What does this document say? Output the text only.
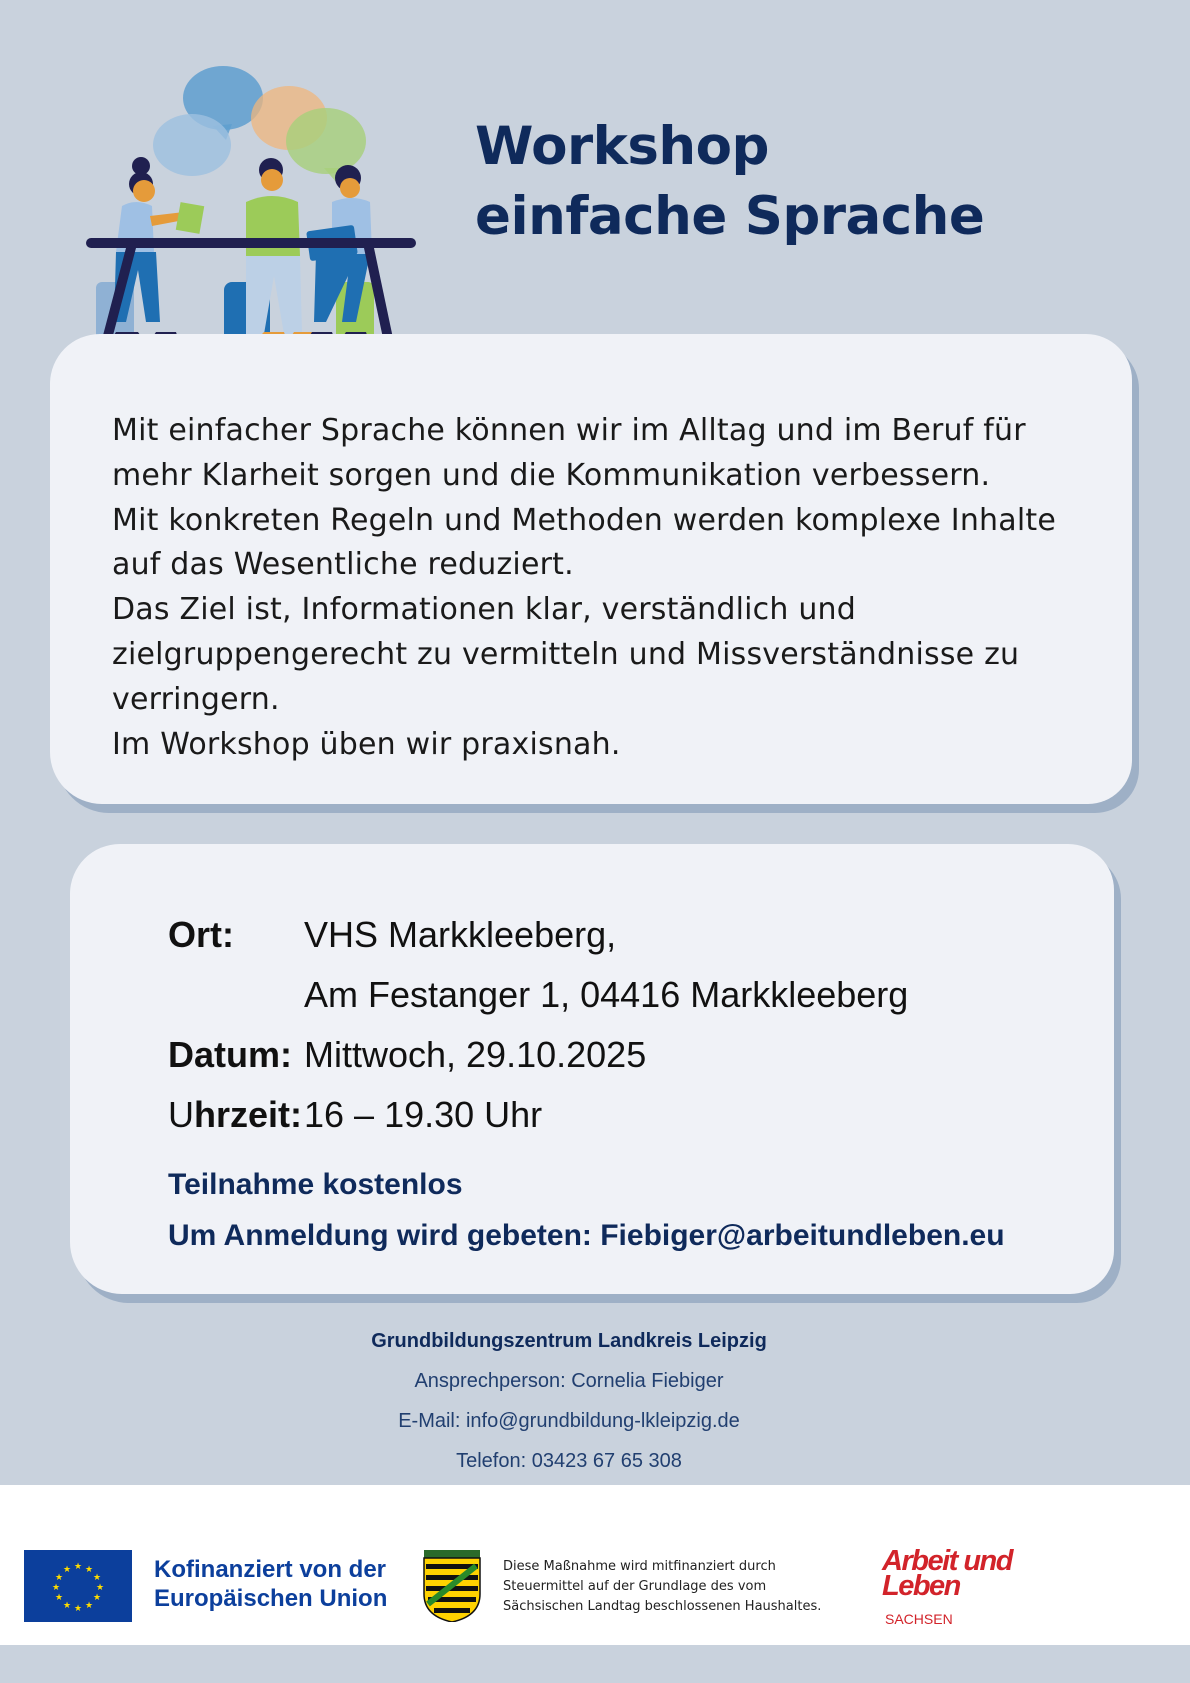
Workshop
einfache Sprache

Mit einfacher Sprache können wir im Alltag und im Beruf für mehr Klarheit sorgen und die Kommunikation verbessern.

Mit konkreten Regeln und Methoden werden komplexe Inhalte auf das Wesentliche reduziert.

Das Ziel ist, Informationen klar, verständlich und zielgruppengerecht zu vermitteln und Missverständnisse zu verringern.

Im Workshop üben wir praxisnah.

Ort: VHS Markkleeberg,
Am Festanger 1, 04416 Markkleeberg
Datum: Mittwoch, 29.10.2025
Uhrzeit:16 – 19.30 Uhr
Teilnahme kostenlos
Um Anmeldung wird gebeten: Fiebiger@arbeitundleben.eu
Grundbildungszentrum Landkreis Leipzig
Ansprechperson: Cornelia Fiebiger
E-Mail: info@grundbildung-lkleipzig.de
Telefon: 03423 67 65 308
★ ★
★
★
★
★
★
★
★
★
★
★	Kofinanziert von der
Europäischen Union
Diese Maßnahme wird mitfinanziert durch
Steuermittel auf der Grundlage des vom
Sächsischen Landtag beschlossenen Haushaltes.
Arbeit und
Leben
SACHSEN
